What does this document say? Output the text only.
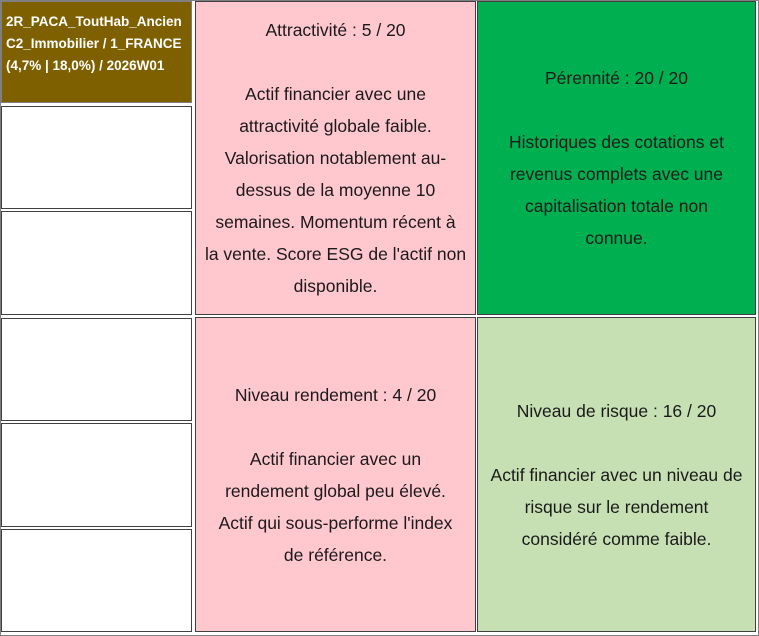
2R_PACA_ToutHab_Ancien
C2_Immobilier / 1_FRANCE
(4,7% | 18,0%) / 2026W01
Attractivité : 5 / 20
Actif financier avec une
attractivité globale faible.
Valorisation notablement au-
dessus de la moyenne 10
semaines. Momentum récent à
la vente. Score ESG de l'actif non
disponible.
Pérennité : 20 / 20
Historiques des cotations et
revenus complets avec une
capitalisation totale non
connue.
Niveau rendement : 4 / 20
Actif financier avec un
rendement global peu élevé.
Actif qui sous-performe l'index
de référence.
Niveau de risque : 16 / 20
Actif financier avec un niveau de
risque sur le rendement
considéré comme faible.
